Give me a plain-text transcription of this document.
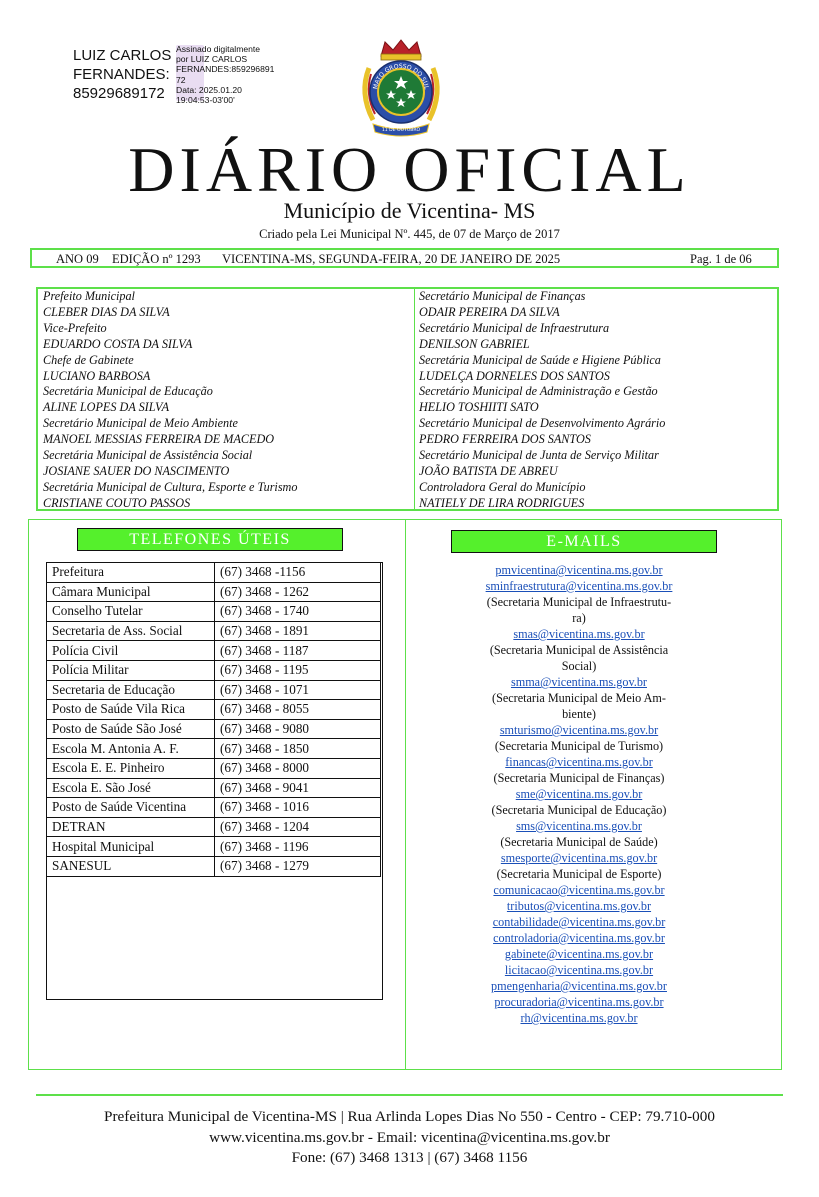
LUIZ CARLOS
FERNANDES:
85929689172
Assinado digitalmente
por LUIZ CARLOS
FERNANDES:859296891
72
Data: 2025.01.20
19:04:53-03'00'
MATO GROSSO DO SUL
11 DE OUTUBRO
DIÁRIO OFICIAL
Município de Vicentina- MS
Criado pela Lei Municipal Nº. 445, de 07 de Março de 2017
ANO 09 EDIÇÃO nº 1293 VICENTINA-MS, SEGUNDA-FEIRA, 20 DE JANEIRO DE 2025	Pag. 1 de 06
Prefeito Municipal
CLEBER DIAS DA SILVA
Vice-Prefeito
EDUARDO COSTA DA SILVA
Chefe de Gabinete
LUCIANO BARBOSA
Secretária Municipal de Educação
ALINE LOPES DA SILVA
Secretário Municipal de Meio Ambiente
MANOEL MESSIAS FERREIRA DE MACEDO
Secretária Municipal de Assistência Social
JOSIANE SAUER DO NASCIMENTO
Secretária Municipal de Cultura, Esporte e Turismo
CRISTIANE COUTO PASSOS
Secretário Municipal de Finanças
ODAIR PEREIRA DA SILVA
Secretário Municipal de Infraestrutura
DENILSON GABRIEL
Secretária Municipal de Saúde e Higiene Pública
LUDELÇA DORNELES DOS SANTOS
Secretário Municipal de Administração e Gestão
HELIO TOSHIITI SATO
Secretário Municipal de Desenvolvimento Agrário
PEDRO FERREIRA DOS SANTOS
Secretário Municipal de Junta de Serviço Militar
JOÃO BATISTA DE ABREU
Controladora Geral do Município
NATIELY DE LIRA RODRIGUES
TELEFONES ÚTEIS
Prefeitura	(67) 3468 -1156
Câmara Municipal	(67) 3468 - 1262
Conselho Tutelar	(67) 3468 - 1740
Secretaria de Ass. Social	(67) 3468 - 1891
Polícia Civil	(67) 3468 - 1187
Polícia Militar	(67) 3468 - 1195
Secretaria de Educação	(67) 3468 - 1071
Posto de Saúde Vila Rica	(67) 3468 - 8055
Posto de Saúde São José	(67) 3468 - 9080
Escola M. Antonia A. F.	(67) 3468 - 1850
Escola E. E. Pinheiro	(67) 3468 - 8000
Escola E. São José	(67) 3468 - 9041
Posto de Saúde Vicentina	(67) 3468 - 1016
DETRAN	(67) 3468 - 1204
Hospital Municipal	(67) 3468 - 1196
SANESUL	(67) 3468 - 1279
E-MAILS
pmvicentina@vicentina.ms.gov.br
sminfraestrutura@vicentina.ms.gov.br
(Secretaria Municipal de Infraestrutu-
ra)
smas@vicentina.ms.gov.br
(Secretaria Municipal de Assistência
Social)
smma@vicentina.ms.gov.br
(Secretaria Municipal de Meio Am-
biente)
smturismo@vicentina.ms.gov.br
(Secretaria Municipal de Turismo)
financas@vicentina.ms.gov.br
(Secretaria Municipal de Finanças)
sme@vicentina.ms.gov.br
(Secretaria Municipal de Educação)
sms@vicentina.ms.gov.br
(Secretaria Municipal de Saúde)
smesporte@vicentina.ms.gov.br
(Secretaria Municipal de Esporte)
comunicacao@vicentina.ms.gov.br
tributos@vicentina.ms.gov.br
contabilidade@vicentina.ms.gov.br
controladoria@vicentina.ms.gov.br
gabinete@vicentina.ms.gov.br
licitacao@vicentina.ms.gov.br
pmengenharia@vicentina.ms.gov.br
procuradoria@vicentina.ms.gov.br
rh@vicentina.ms.gov.br
Prefeitura Municipal de Vicentina-MS | Rua Arlinda Lopes Dias No 550 - Centro - CEP: 79.710-000
www.vicentina.ms.gov.br - Email: vicentina@vicentina.ms.gov.br
Fone: (67) 3468 1313 | (67) 3468 1156
